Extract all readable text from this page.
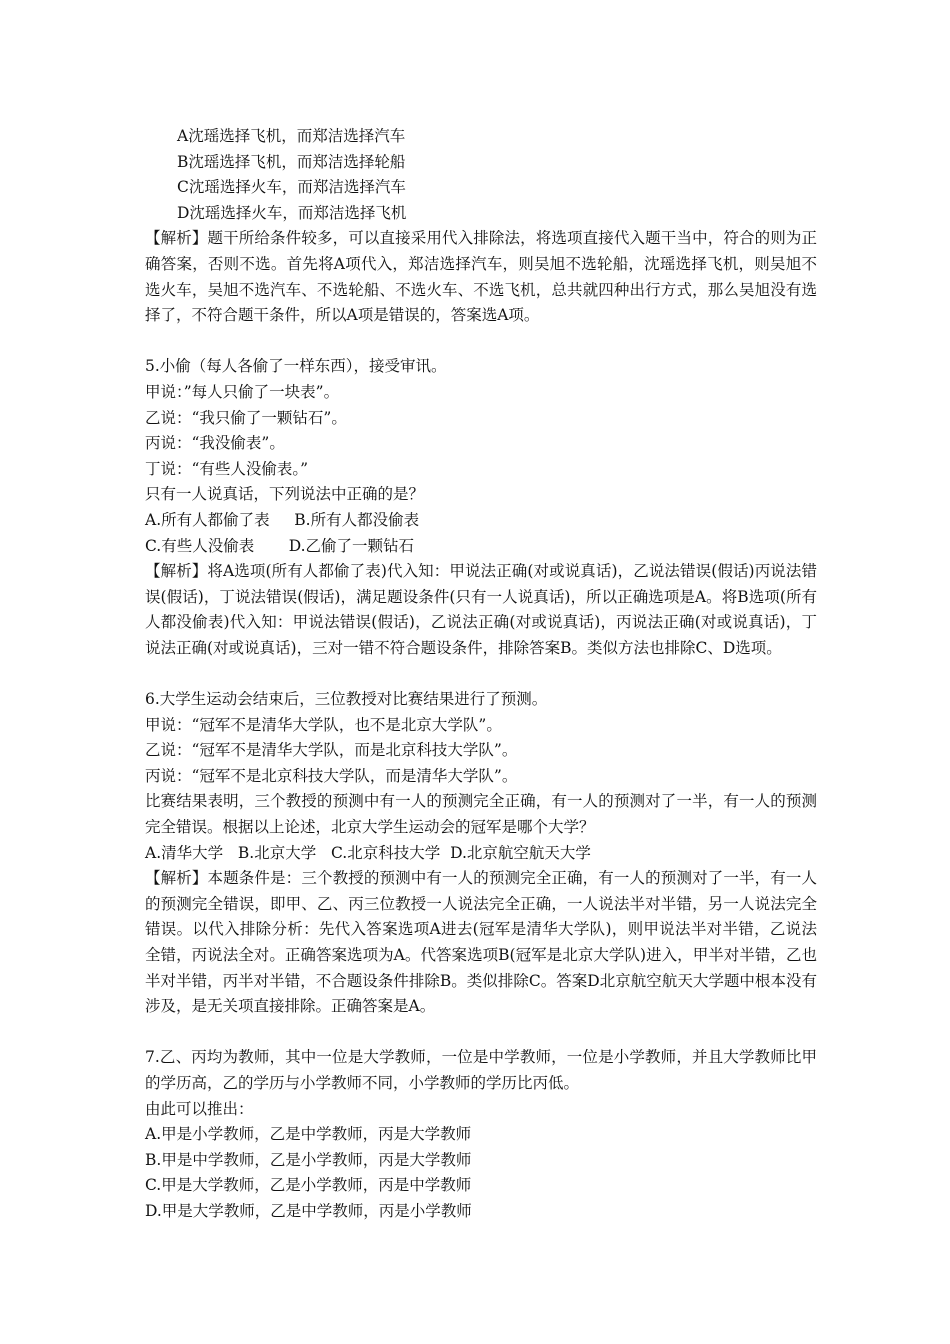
A沈瑶选择飞机，而郑洁选择汽车
B沈瑶选择飞机，而郑洁选择轮船
C沈瑶选择火车，而郑洁选择汽车
D沈瑶选择火车，而郑洁选择飞机

【解析】题干所给条件较多，可以直接采用代入排除法，将选项直接代入题干当中，符合的则为正确答案，否则不选。首先将A项代入，郑洁选择汽车，则吴旭不选轮船，沈瑶选择飞机，则吴旭不选火车，吴旭不选汽车、不选轮船、不选火车、不选飞机，总共就四种出行方式，那么吴旭没有选择了，不符合题干条件，所以A项是错误的，答案选A项。

5.小偷（每人各偷了一样东西），接受审讯。
甲说：”每人只偷了一块表”。
乙说：“我只偷了一颗钻石”。
丙说：“我没偷表”。
丁说：“有些人没偷表。”
只有一人说真话，下列说法中正确的是？
A.所有人都偷了表     B.所有人都没偷表
C.有些人没偷表       D.乙偷了一颗钻石

【解析】将A选项(所有人都偷了表)代入知：甲说法正确(对或说真话)，乙说法错误(假话)丙说法错误(假话)，丁说法错误(假话)，满足题设条件(只有一人说真话)，所以正确选项是A。将B选项(所有人都没偷表)代入知：甲说法错误(假话)，乙说法正确(对或说真话)，丙说法正确(对或说真话)，丁说法正确(对或说真话)，三对一错不符合题设条件，排除答案B。类似方法也排除C、D选项。

6.大学生运动会结束后，三位教授对比赛结果进行了预测。
甲说：“冠军不是清华大学队，也不是北京大学队”。
乙说：“冠军不是清华大学队，而是北京科技大学队”。
丙说：“冠军不是北京科技大学队，而是清华大学队”。

比赛结果表明，三个教授的预测中有一人的预测完全正确，有一人的预测对了一半，有一人的预测完全错误。根据以上论述，北京大学生运动会的冠军是哪个大学？

A.清华大学   B.北京大学   C.北京科技大学  D.北京航空航天大学

【解析】本题条件是：三个教授的预测中有一人的预测完全正确，有一人的预测对了一半，有一人的预测完全错误，即甲、乙、丙三位教授一人说法完全正确，一人说法半对半错，另一人说法完全错误。以代入排除分析：先代入答案选项A进去(冠军是清华大学队)，则甲说法半对半错，乙说法全错，丙说法全对。正确答案选项为A。代答案选项B(冠军是北京大学队)进入，甲半对半错，乙也半对半错，丙半对半错，不合题设条件排除B。类似排除C。答案D北京航空航天大学题中根本没有涉及，是无关项直接排除。正确答案是A。

7.乙、丙均为教师，其中一位是大学教师，一位是中学教师，一位是小学教师，并且大学教师比甲的学历高，乙的学历与小学教师不同，小学教师的学历比丙低。

由此可以推出：
A.甲是小学教师，乙是中学教师，丙是大学教师
B.甲是中学教师，乙是小学教师，丙是大学教师
C.甲是大学教师，乙是小学教师，丙是中学教师
D.甲是大学教师，乙是中学教师，丙是小学教师
